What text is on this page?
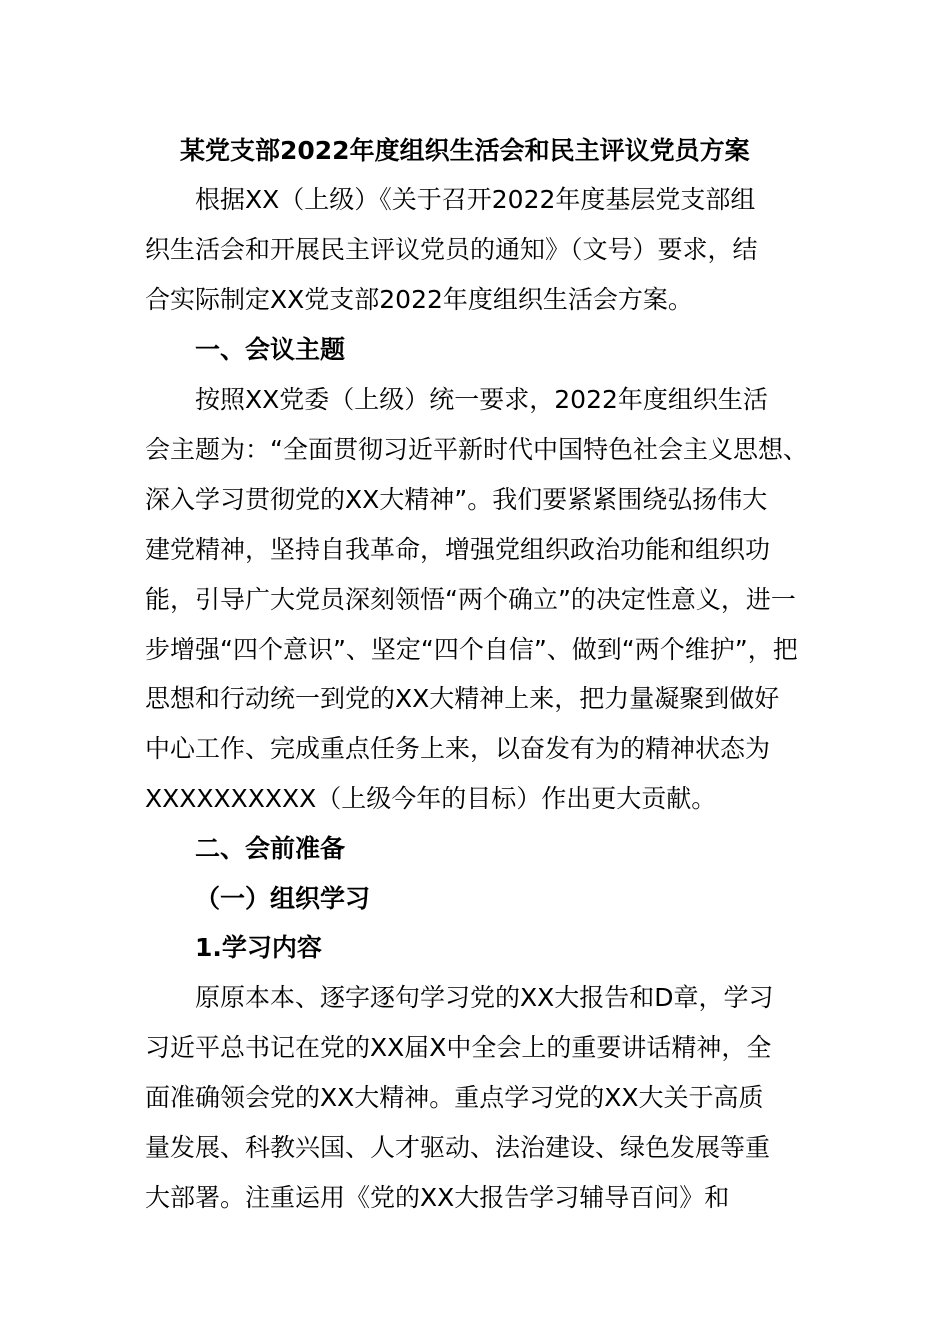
某党支部2022年度组织生活会和民主评议党员方案
根据XX（上级）《关于召开2022年度基层党支部组
织生活会和开展民主评议党员的通知》（文号）要求，结
合实际制定XX党支部2022年度组织生活会方案。
一、会议主题
按照XX党委（上级）统一要求，2022年度组织生活
会主题为：“全面贯彻习近平新时代中国特色社会主义思想、
深入学习贯彻党的XX大精神”。我们要紧紧围绕弘扬伟大
建党精神，坚持自我革命，增强党组织政治功能和组织功
能，引导广大党员深刻领悟“两个确立”的决定性意义，进一
步增强“四个意识”、坚定“四个自信”、做到“两个维护”，把
思想和行动统一到党的XX大精神上来，把力量凝聚到做好
中心工作、完成重点任务上来，以奋发有为的精神状态为
XXXXXXXXXX（上级今年的目标）作出更大贡献。
二、会前准备
（一）组织学习
1.学习内容
原原本本、逐字逐句学习党的XX大报告和D章，学习
习近平总书记在党的XX届X中全会上的重要讲话精神，全
面准确领会党的XX大精神。重点学习党的XX大关于高质
量发展、科教兴国、人才驱动、法治建设、绿色发展等重
大部署。注重运用《党的XX大报告学习辅导百问》和
